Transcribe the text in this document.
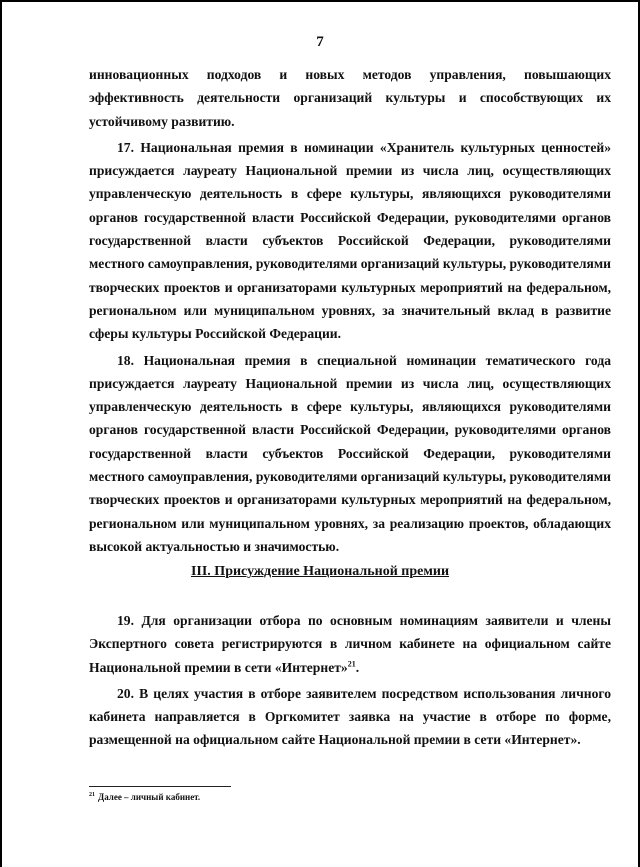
7

инновационных подходов и новых методов управления, повышающих эффективность деятельности организаций культуры и способствующих их устойчивому развитию.

17. Национальная премия в номинации «Хранитель культурных ценностей» присуждается лауреату Национальной премии из числа лиц, осуществляющих управленческую деятельность в сфере культуры, являющихся руководителями органов государственной власти Российской Федерации, руководителями органов государственной власти субъектов Российской Федерации, руководителями местного самоуправления, руководителями организаций культуры, руководителями творческих проектов и организаторами культурных мероприятий на федеральном, региональном или муниципальном уровнях, за значительный вклад в развитие сферы культуры Российской Федерации.

18. Национальная премия в специальной номинации тематического года присуждается лауреату Национальной премии из числа лиц, осуществляющих управленческую деятельность в сфере культуры, являющихся руководителями органов государственной власти Российской Федерации, руководителями органов государственной власти субъектов Российской Федерации, руководителями местного самоуправления, руководителями организаций культуры, руководителями творческих проектов и организаторами культурных мероприятий на федеральном, региональном или муниципальном уровнях, за реализацию проектов, обладающих высокой актуальностью и значимостью.

III. Присуждение Национальной премии

19. Для организации отбора по основным номинациям заявители и члены Экспертного совета регистрируются в личном кабинете на официальном сайте Национальной премии в сети «Интернет»$^{21}$.

20. В целях участия в отборе заявителем посредством использования личного кабинета направляется в Оргкомитет заявка на участие в отборе по форме, размещенной на официальном сайте Национальной премии в сети «Интернет».

$^{21}$ Далее – личный кабинет.
